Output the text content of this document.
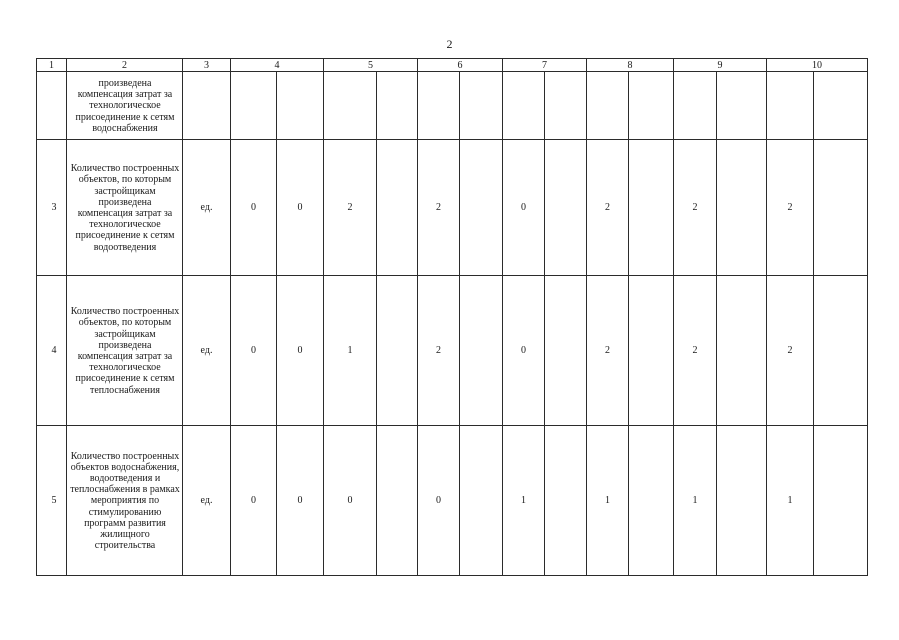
2
1	2	3	4		5		6		7		8		9		10	
	произведена компенсация затрат за технологическое присоединение к сетям водоснабжения															
3	Количество построенных объектов, по которым застройщикам произведена компенсация затрат за технологическое присоединение к сетям водоотведения	ед.	0	0	2		2		0		2		2		2	
4	Количество построенных объектов, по которым застройщикам произведена компенсация затрат за технологическое присоединение к сетям теплоснабжения	ед.	0	0	1		2		0		2		2		2	
5	Количество построенных объектов водоснабжения, водоотведения и теплоснабжения в рамках мероприятия по стимулированию программ развития жилищного строительства	ед.	0	0	0		0		1		1		1		1	
